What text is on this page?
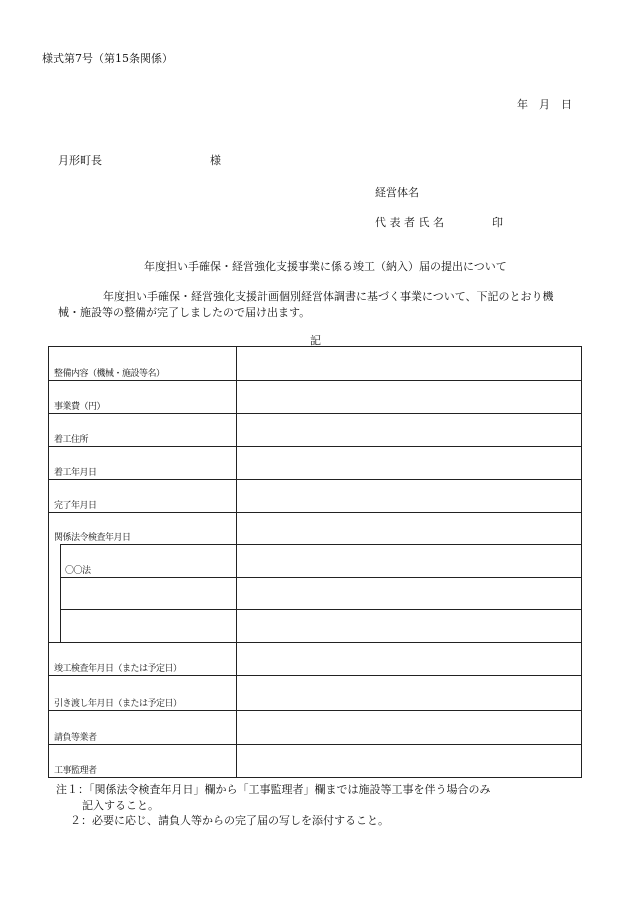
様式第7号（第15条関係）
年　月　日
月形町長	様
経営体名
代 表 者 氏 名	印
年度担い手確保・経営強化支援事業に係る竣工（納入）届の提出について
年度担い手確保・経営強化支援計画個別経営体調書に基づく事業について、下記のとおり機
械・施設等の整備が完了しましたので届け出ます。
記
整備内容（機械・施設等名）
事業費（円）
着工住所
着工年月日
完了年月日
関係法令検査年月日
〇〇法
竣工検査年月日（または予定日）
引き渡し年月日（または予定日）
請負等業者
工事監理者
注１：「関係法令検査年月日」欄から「工事監理者」欄までは施設等工事を伴う場合のみ
記入すること。
２：必要に応じ、請負人等からの完了届の写しを添付すること。
